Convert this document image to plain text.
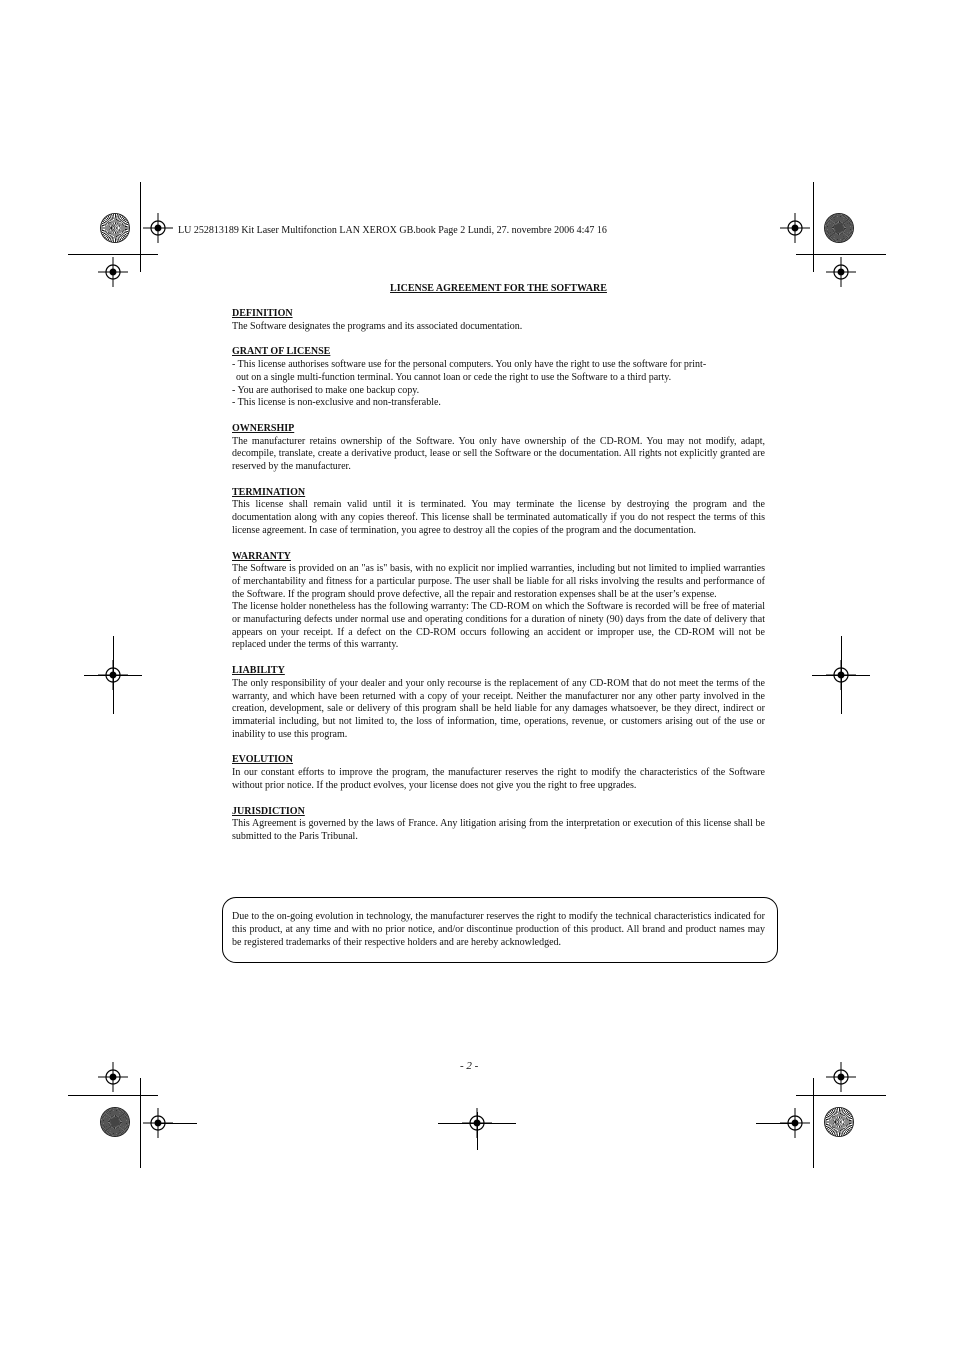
LU 252813189 Kit Laser Multifonction LAN XEROX GB.book Page 2 Lundi, 27. novembre 2006 4:47 16
LICENSE AGREEMENT FOR THE SOFTWARE
DEFINITION

The Software designates the programs and its associated documentation.

GRANT OF LICENSE

- This license authorises software use for the personal computers. You only have the right to use the software for print-

out on a single multi-function terminal. You cannot loan or cede the right to use the Software to a third party.

- You are authorised to make one backup copy.

- This license is non-exclusive and non-transferable.

OWNERSHIP

The manufacturer retains ownership of the Software. You only have ownership of the CD-ROM. You may not modify, adapt, decompile, translate, create a derivative product, lease or sell the Software or the documentation. All rights not explicitly granted are reserved by the manufacturer.

TERMINATION

This license shall remain valid until it is terminated. You may terminate the license by destroying the program and the documentation along with any copies thereof. This license shall be terminated automatically if you do not respect the terms of this license agreement. In case of termination, you agree to destroy all the copies of the program and the documentation.

WARRANTY

The Software is provided on an "as is" basis, with no explicit nor implied warranties, including but not limited to implied warranties of merchantability and fitness for a particular purpose. The user shall be liable for all risks involving the results and performance of the Software. If the program should prove defective, all the repair and restoration expenses shall be at the user’s expense.

The license holder nonetheless has the following warranty: The CD-ROM on which the Software is recorded will be free of material or manufacturing defects under normal use and operating conditions for a duration of ninety (90) days from the date of delivery that appears on your receipt. If a defect on the CD-ROM occurs following an accident or improper use, the CD-ROM will not be replaced under the terms of this warranty.

LIABILITY

The only responsibility of your dealer and your only recourse is the replacement of any CD-ROM that do not meet the terms of the warranty, and which have been returned with a copy of your receipt. Neither the manufacturer nor any other party involved in the creation, development, sale or delivery of this program shall be held liable for any damages whatsoever, be they direct, indirect or immaterial including, but not limited to, the loss of information, time, operations, revenue, or customers arising out of the use or inability to use this program.

EVOLUTION

In our constant efforts to improve the program, the manufacturer reserves the right to modify the characteristics of the Software without prior notice. If the product evolves, your license does not give you the right to free upgrades.

JURISDICTION

This Agreement is governed by the laws of France. Any litigation arising from the interpretation or execution of this license shall be submitted to the Paris Tribunal.

Due to the on-going evolution in technology, the manufacturer reserves the right to modify the technical characteristics indicated for this product, at any time and with no prior notice, and/or discontinue production of this product. All brand and product names may be registered trademarks of their respective holders and are hereby acknowledged.
- 2 -
